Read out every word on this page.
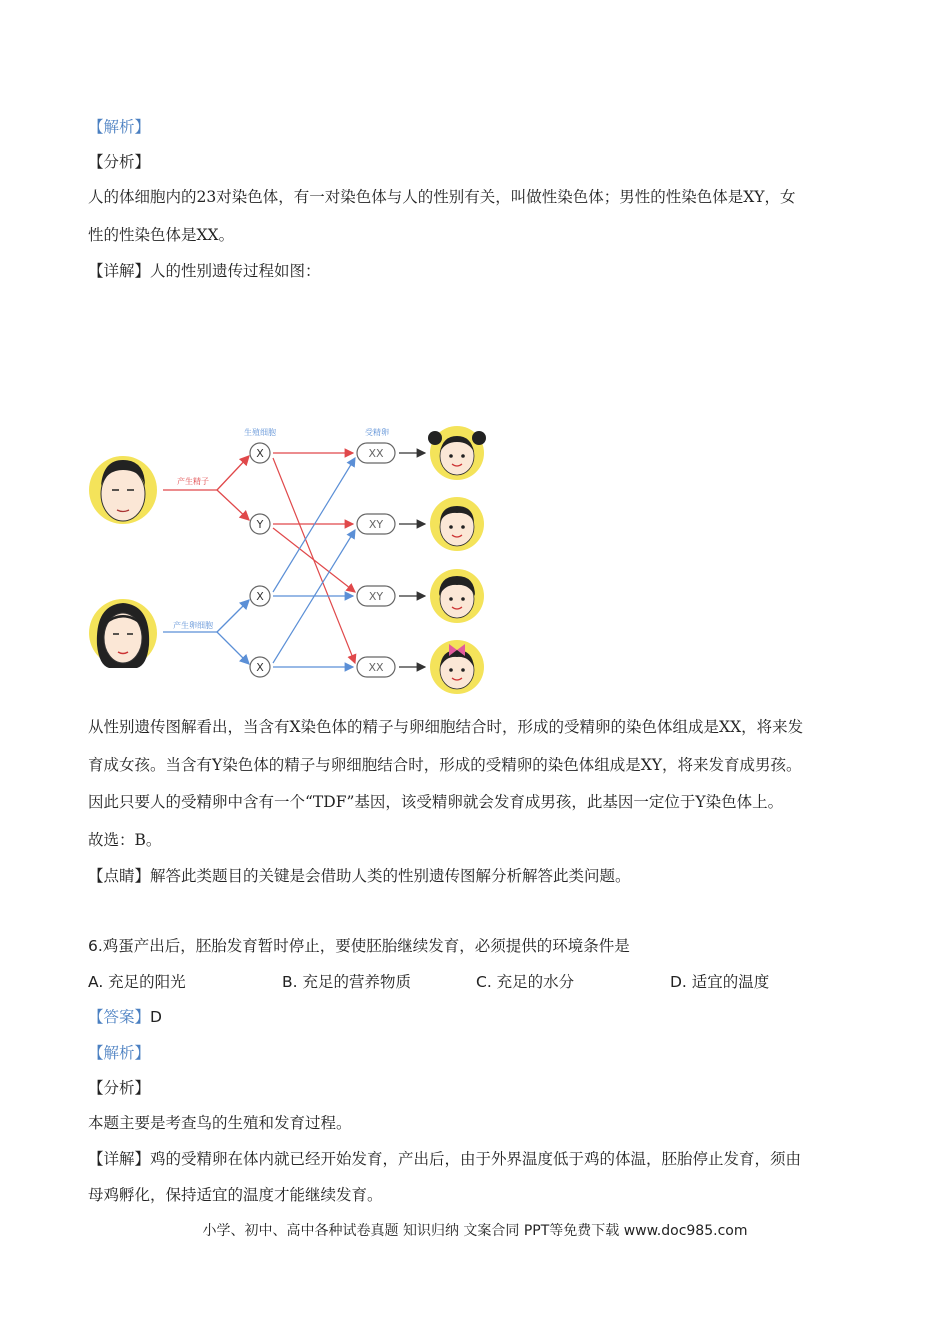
【解析】
【分析】
人的体细胞内的23对染色体，有一对染色体与人的性别有关，叫做性染色体；男性的性染色体是XY，女
性的性染色体是XX。
【详解】人的性别遗传过程如图：
生殖细胞	受精卵
产生精子
产生卵细胞
X
Y
X
X
XX
XY
XY
XX
从性别遗传图解看出，当含有X染色体的精子与卵细胞结合时，形成的受精卵的染色体组成是XX，将来发
育成女孩。当含有Y染色体的精子与卵细胞结合时，形成的受精卵的染色体组成是XY，将来发育成男孩。
因此只要人的受精卵中含有一个“TDF”基因，该受精卵就会发育成男孩，此基因一定位于Y染色体上。
故选：B。
【点睛】解答此类题目的关键是会借助人类的性别遗传图解分析解答此类问题。
6.鸡蛋产出后，胚胎发育暂时停止，要使胚胎继续发育，必须提供的环境条件是
A. 充足的阳光	B. 充足的营养物质	C. 充足的水分	D. 适宜的温度
【答案】D
【解析】
【分析】
本题主要是考查鸟的生殖和发育过程。
【详解】鸡的受精卵在体内就已经开始发育，产出后，由于外界温度低于鸡的体温，胚胎停止发育，须由
母鸡孵化，保持适宜的温度才能继续发育。
小学、初中、高中各种试卷真题 知识归纳 文案合同 PPT等免费下载 www.doc985.com
